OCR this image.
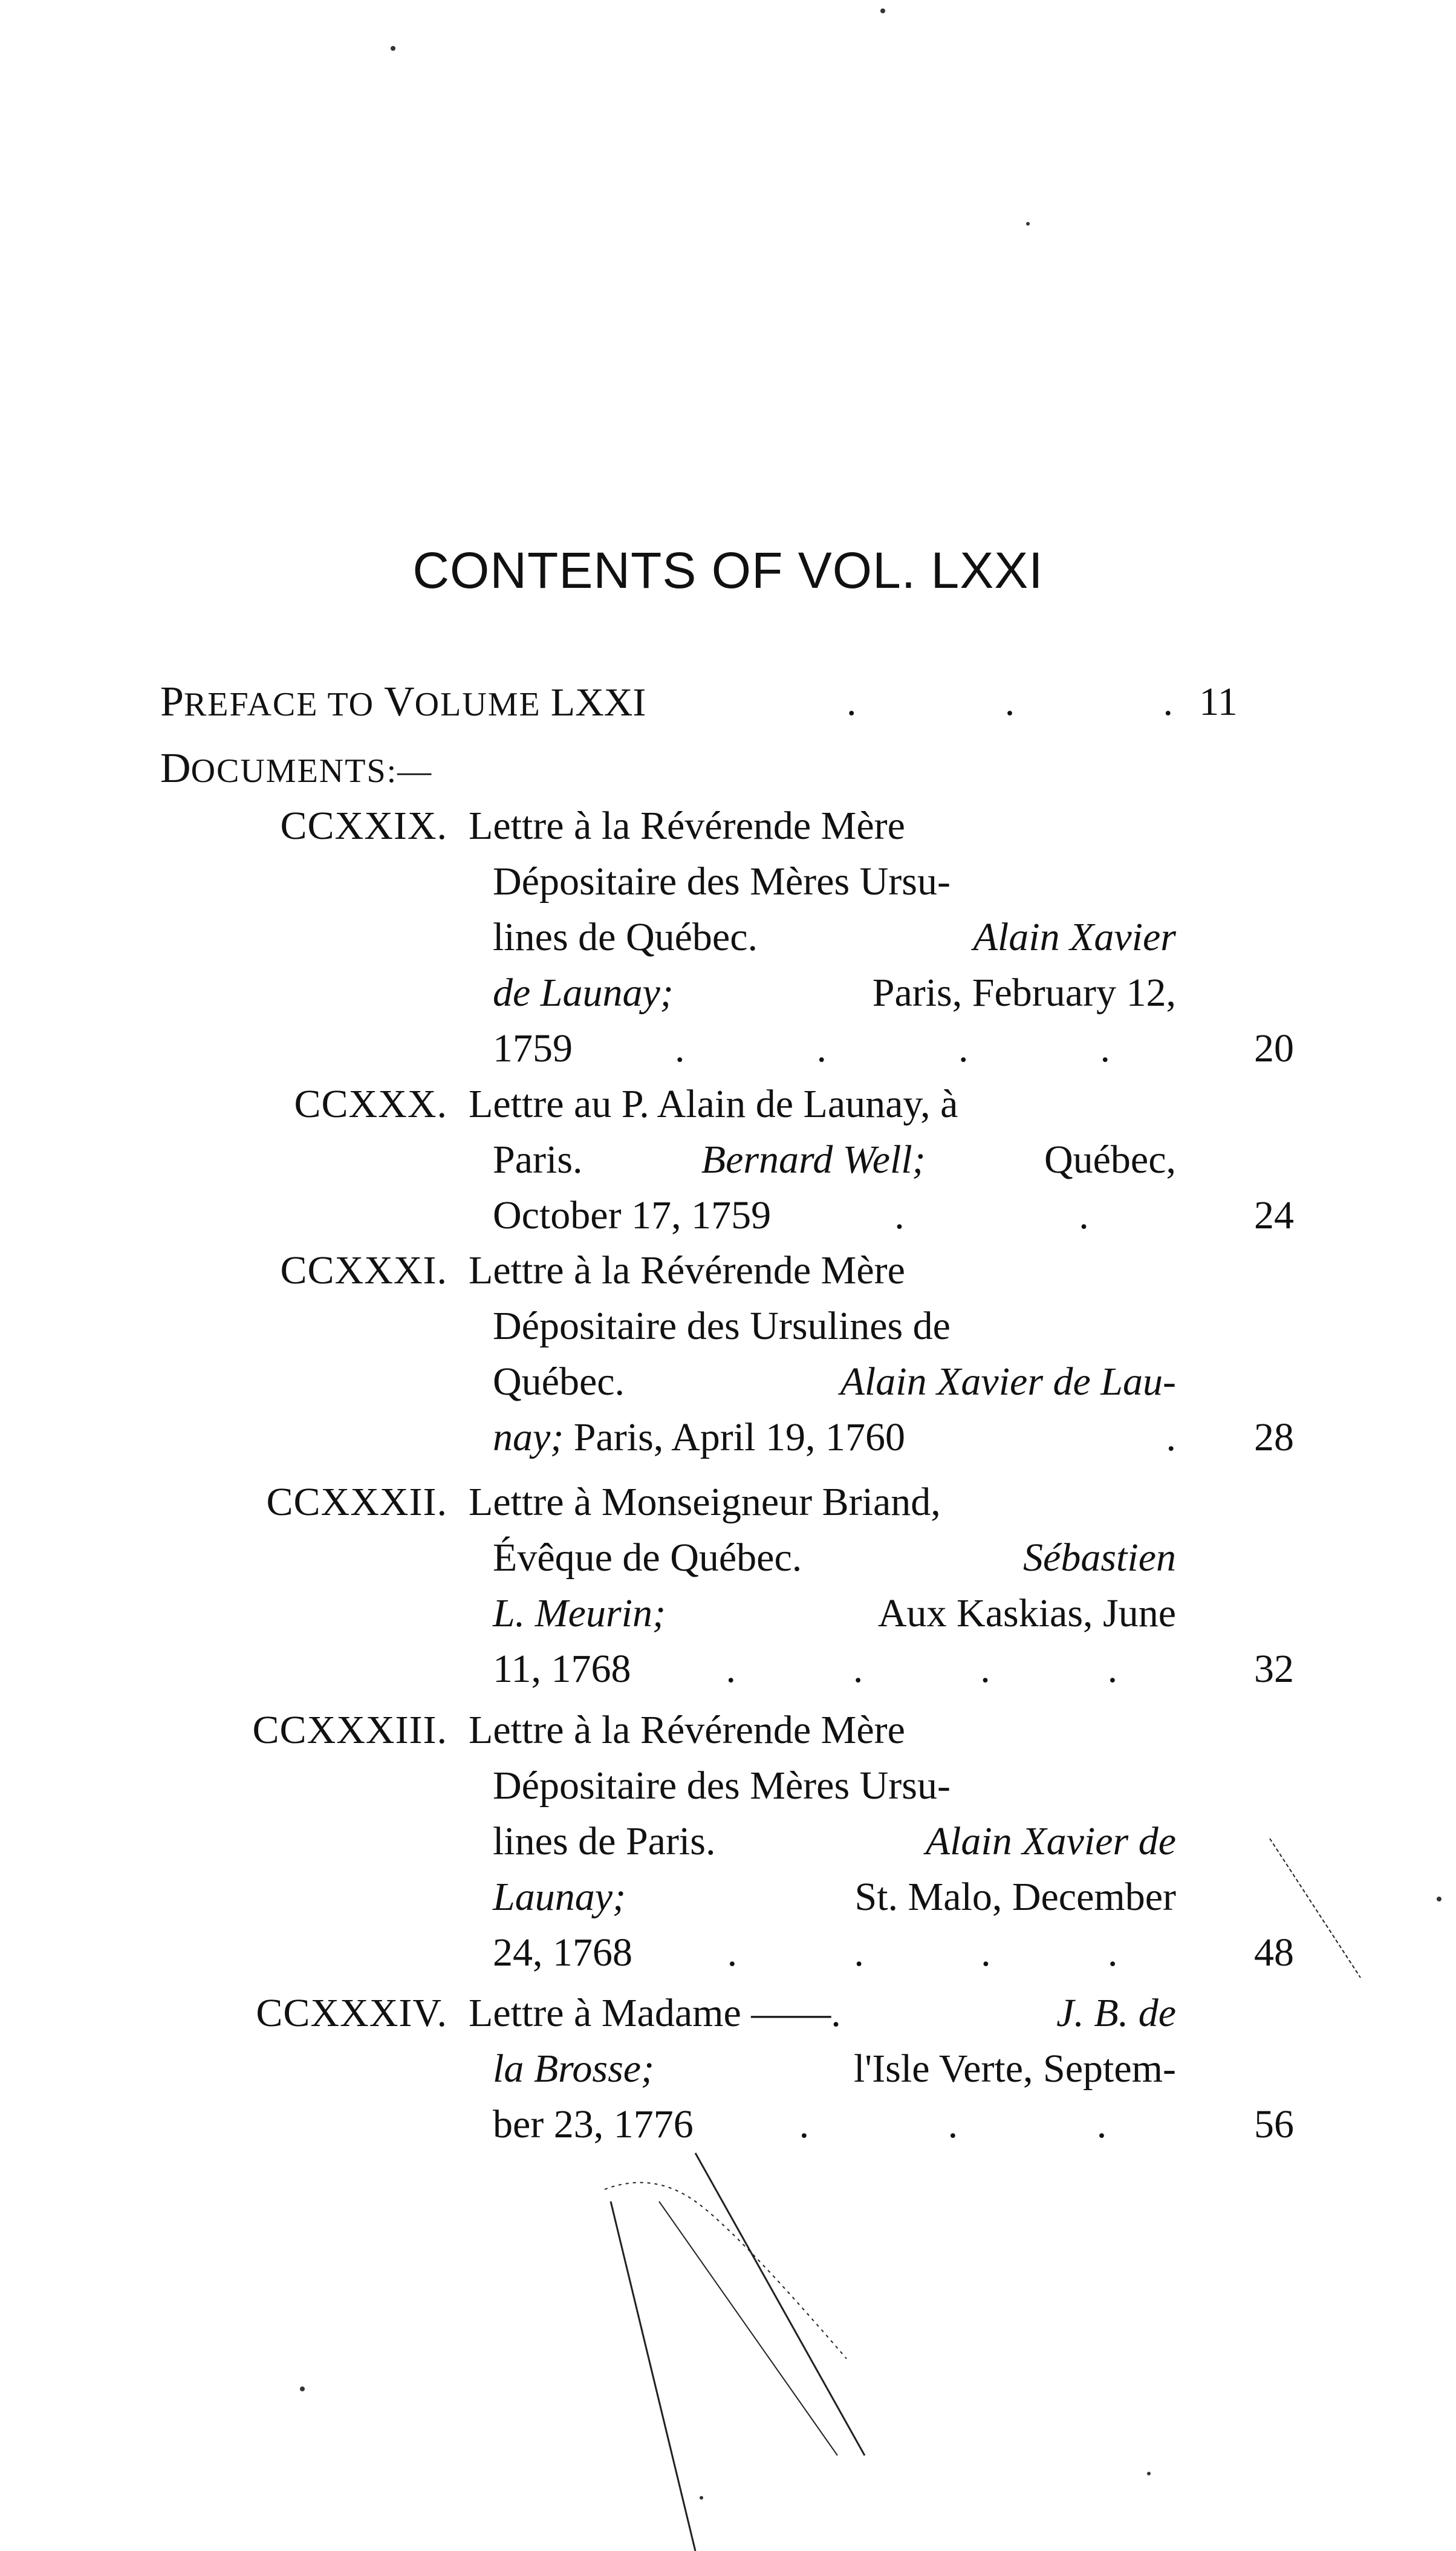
CONTENTS OF VOL. LXXI
PREFACE TO VOLUME LXXI	.	.	. 11
DOCUMENTS:—
CCXXIX. Lettre à la Révérende Mère
Dépositaire des Mères Ursu-
lines de Québec.	Alain Xavier
de Launay;	Paris, February 12,
1759	.	.	.	.	20
CCXXX. Lettre au P. Alain de Launay, à
Paris.	Bernard Well;	Québec,
October 17, 1759	.	.	24
CCXXXI. Lettre à la Révérende Mère
Dépositaire des Ursulines de
Québec.	Alain Xavier de Lau-
nay;
Paris, April 19, 1760	.	28
CCXXXII. Lettre à Monseigneur Briand,
Évêque de Québec.	Sébastien
L. Meurin;	Aux Kaskias, June
11, 1768 .	.	.	.	32
CCXXXIII. Lettre à la Révérende Mère
Dépositaire des Mères Ursu-
lines de Paris.	Alain Xavier de
Launay;	St. Malo, December
24, 1768 .	.	.	.	48
CCXXXIV. Lettre à Madame ——.	J. B. de
la Brosse;	l'Isle Verte, Septem-
ber 23, 1776	.	.	.	56
